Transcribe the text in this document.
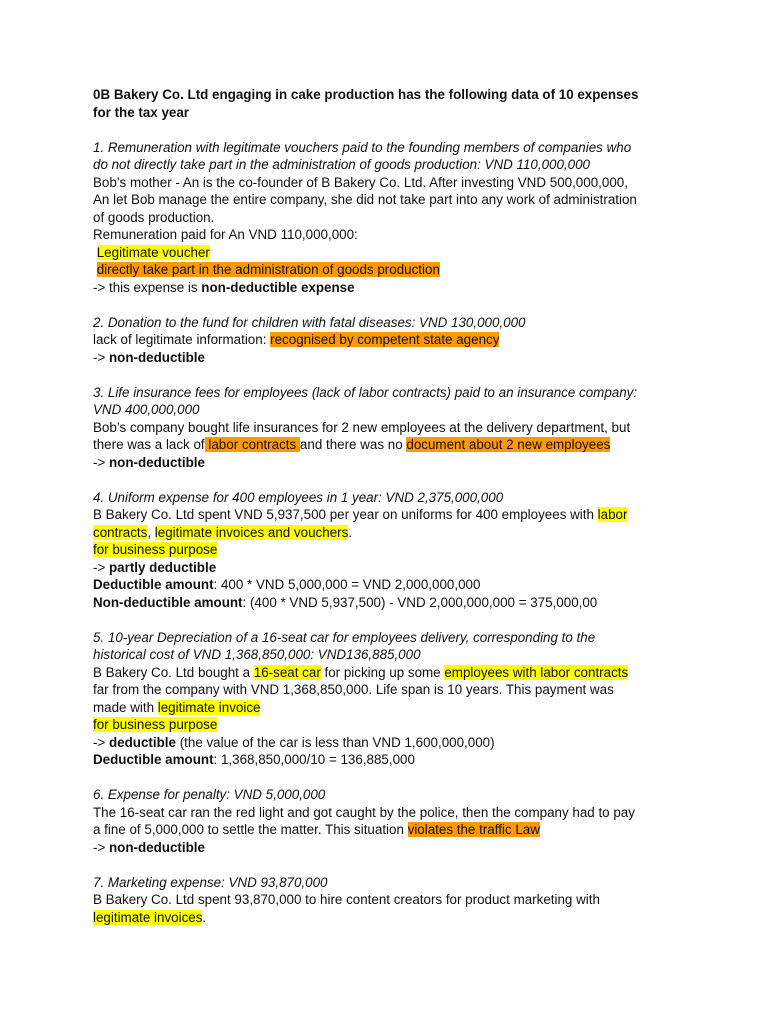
0B Bakery Co. Ltd engaging in cake production has the following data of 10 expenses
for the tax year
1. Remuneration with legitimate vouchers paid to the founding members of companies who
do not directly take part in the administration of goods production: VND 110,000,000
Bob’s mother - An is the co-founder of B Bakery Co. Ltd. After investing VND 500,000,000,
An let Bob manage the entire company, she did not take part into any work of administration
of goods production.
Remuneration paid for An VND 110,000,000:
Legitimate voucher
directly take part in the administration of goods production
-> this expense is non-deductible expense
2. Donation to the fund for children with fatal diseases: VND 130,000,000
lack of legitimate information: recognised by competent state agency
-> non-deductible
3. Life insurance fees for employees (lack of labor contracts) paid to an insurance company:
VND 400,000,000
Bob’s company bought life insurances for 2 new employees at the delivery department, but
there was a lack of labor contracts and there was no document about 2 new employees
-> non-deductible
4. Uniform expense for 400 employees in 1 year: VND 2,375,000,000
B Bakery Co. Ltd spent VND 5,937,500 per year on uniforms for 400 employees with labor
contracts, legitimate invoices and vouchers.
for business purpose
-> partly deductible
Deductible amount: 400 * VND 5,000,000 = VND 2,000,000,000
Non-deductible amount: (400 * VND 5,937,500) - VND 2,000,000,000 = 375,000,00
5. 10-year Depreciation of a 16-seat car for employees delivery, corresponding to the
historical cost of VND 1,368,850,000: VND136,885,000
B Bakery Co. Ltd bought a 16-seat car for picking up some employees with labor contracts
far from the company with VND 1,368,850,000. Life span is 10 years. This payment was
made with legitimate invoice
for business purpose
-> deductible (the value of the car is less than VND 1,600,000,000)
Deductible amount: 1,368,850,000/10 = 136,885,000
6. Expense for penalty: VND 5,000,000
The 16-seat car ran the red light and got caught by the police, then the company had to pay
a fine of 5,000,000 to settle the matter. This situation violates the traffic Law
-> non-deductible
7. Marketing expense: VND 93,870,000
B Bakery Co. Ltd spent 93,870,000 to hire content creators for product marketing with
legitimate invoices.
